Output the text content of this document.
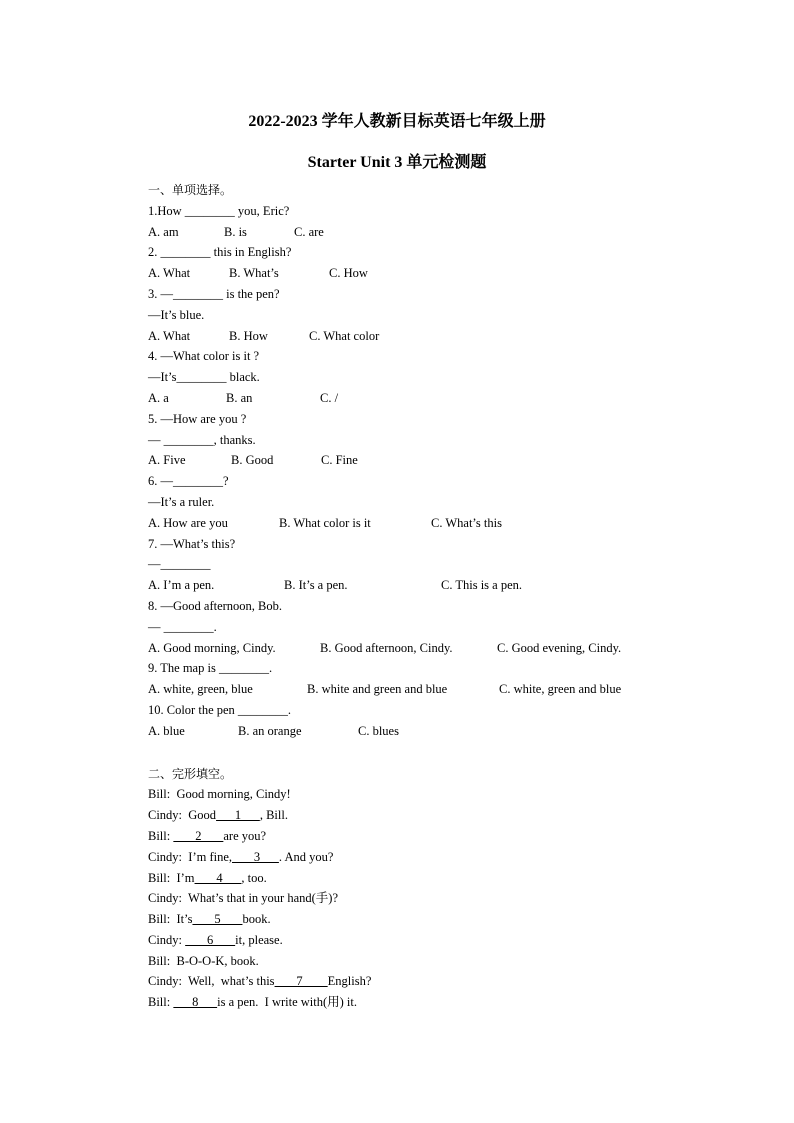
2022-2023 学年人教新目标英语七年级上册
Starter Unit 3 单元检测题
一、单项选择。
1.How ________ you, Eric?

A. am

	B. is

	C. are

2. ________ this in English?

A. What

	B. What’s

	C. How

3. —________ is the pen?
—It’s blue.

A. What

	B. How

	C. What color

4. —What color is it ?
—It’s________ black.

A. a

	B. an

	C. /

5. —How are you ?
— ________, thanks.

A. Five

	B. Good

	C. Fine

6. —________?
—It’s a ruler.

A. How are you

	B. What color is it

	C. What’s this

7. —What’s this?
—________

A. I’m a pen.

	B. It’s a pen.

	C. This is a pen.

8. —Good afternoon, Bob.
— ________.

A. Good morning, Cindy.

	B. Good afternoon, Cindy.

	C. Good evening, Cindy.

9. The map is ________.

A. white, green, blue

	B. white and green and blue

	C. white, green and blue

10. Color the pen ________.

A. blue

	B. an orange

	C. blues

二、完形填空。
Bill:  Good morning, Cindy!
Cindy:  Good      1      , Bill.
Bill:        2       are you?
Cindy:  I’m fine,       3      . And you?
Bill:  I’m       4      , too.
Cindy:  What’s that in your hand(手)?
Bill:  It’s       5       book.
Cindy:        6       it, please.
Bill:  B-O-O-K, book.
Cindy:  Well,  what’s this       7        English?
Bill:       8      is a pen.  I write with(用) it.
